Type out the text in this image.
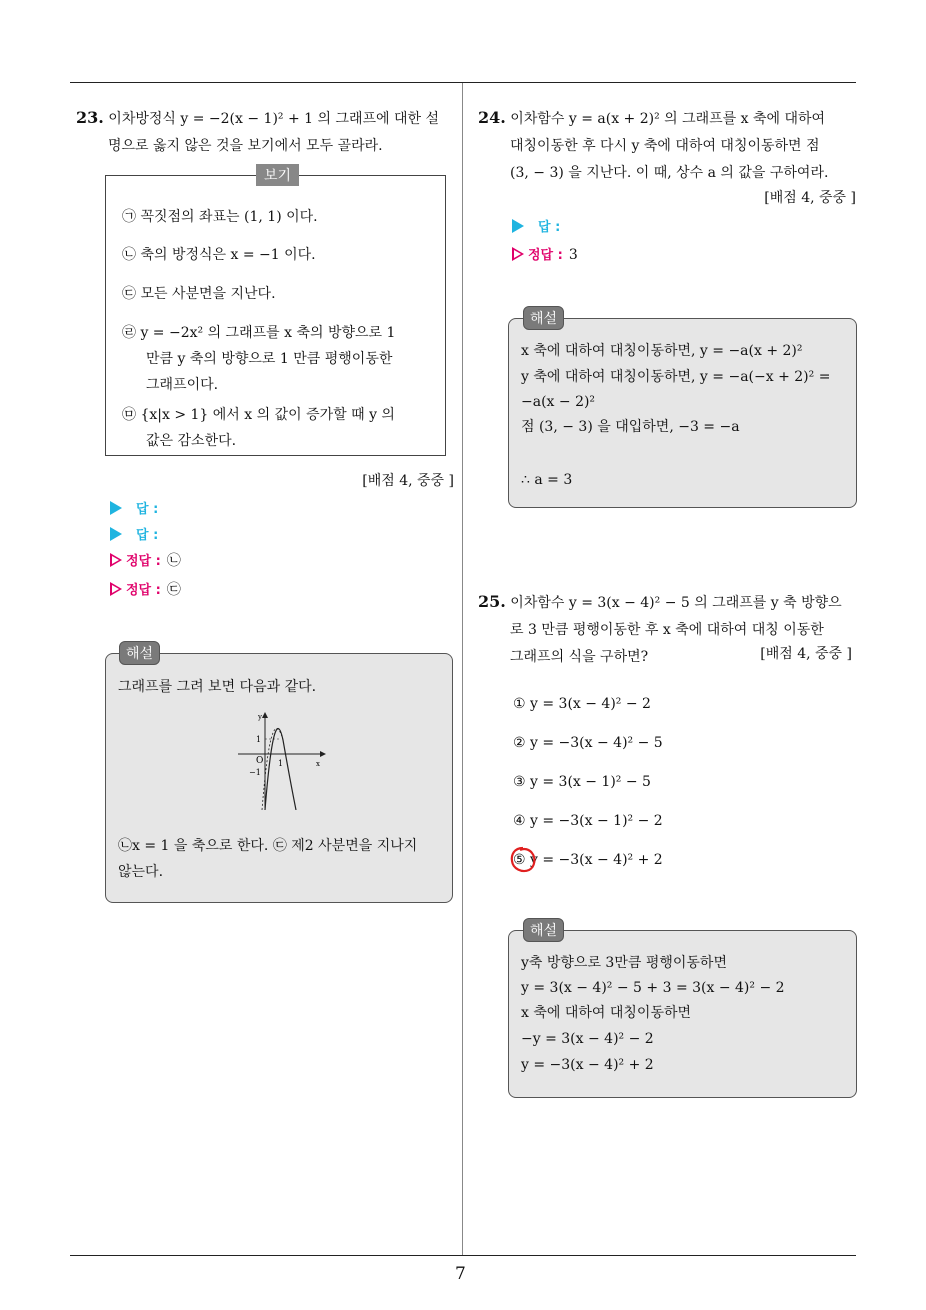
7
23. 이차방정식 y = −2(x − 1)² + 1 의 그래프에 대한 설
명으로 옳지 않은 것을 보기에서 모두 골라라.
보기
㉠ 꼭짓점의 좌표는 (1, 1) 이다.
㉡ 축의 방정식은 x = −1 이다.
㉢ 모든 사분면을 지난다.
㉣ y = −2x² 의 그래프를 x 축의 방향으로 1
만큼 y 축의 방향으로 1 만큼 평행이동한
그래프이다.
㉤ {x|x > 1} 에서 x 의 값이 증가할 때 y 의
값은 감소한다.
[배점 4, 중중 ]
답 :
답 :
정답 : ㉡
정답 : ㉢
해설
그래프를 그려 보면 다음과 같다.
y
x
O
1
−1
1
㉡x = 1 을 축으로 한다. ㉢ 제2 사분면을 지나지
않는다.
24. 이차함수 y = a(x + 2)² 의 그래프를 x 축에 대하여
대칭이동한 후 다시 y 축에 대하여 대칭이동하면 점
(3, − 3) 을 지난다. 이 때, 상수 a 의 값을 구하여라.
[배점 4, 중중 ]
답 :
정답 : 3
해설
x 축에 대하여 대칭이동하면, y = −a(x + 2)²
y 축에 대하여 대칭이동하면, y = −a(−x + 2)² =
−a(x − 2)²
점 (3, − 3) 을 대입하면, −3 = −a
∴ a = 3
25. 이차함수 y = 3(x − 4)² − 5 의 그래프를 y 축 방향으
로 3 만큼 평행이동한 후 x 축에 대하여 대칭 이동한
그래프의 식을 구하면?	[배점 4, 중중 ]
① y = 3(x − 4)² − 2
② y = −3(x − 4)² − 5
③ y = 3(x − 1)² − 5
④ y = −3(x − 1)² − 2
⑤ y = −3(x − 4)² + 2
해설
y축 방향으로 3만큼 평행이동하면
y = 3(x − 4)² − 5 + 3 = 3(x − 4)² − 2
x 축에 대하여 대칭이동하면
−y = 3(x − 4)² − 2
y = −3(x − 4)² + 2
